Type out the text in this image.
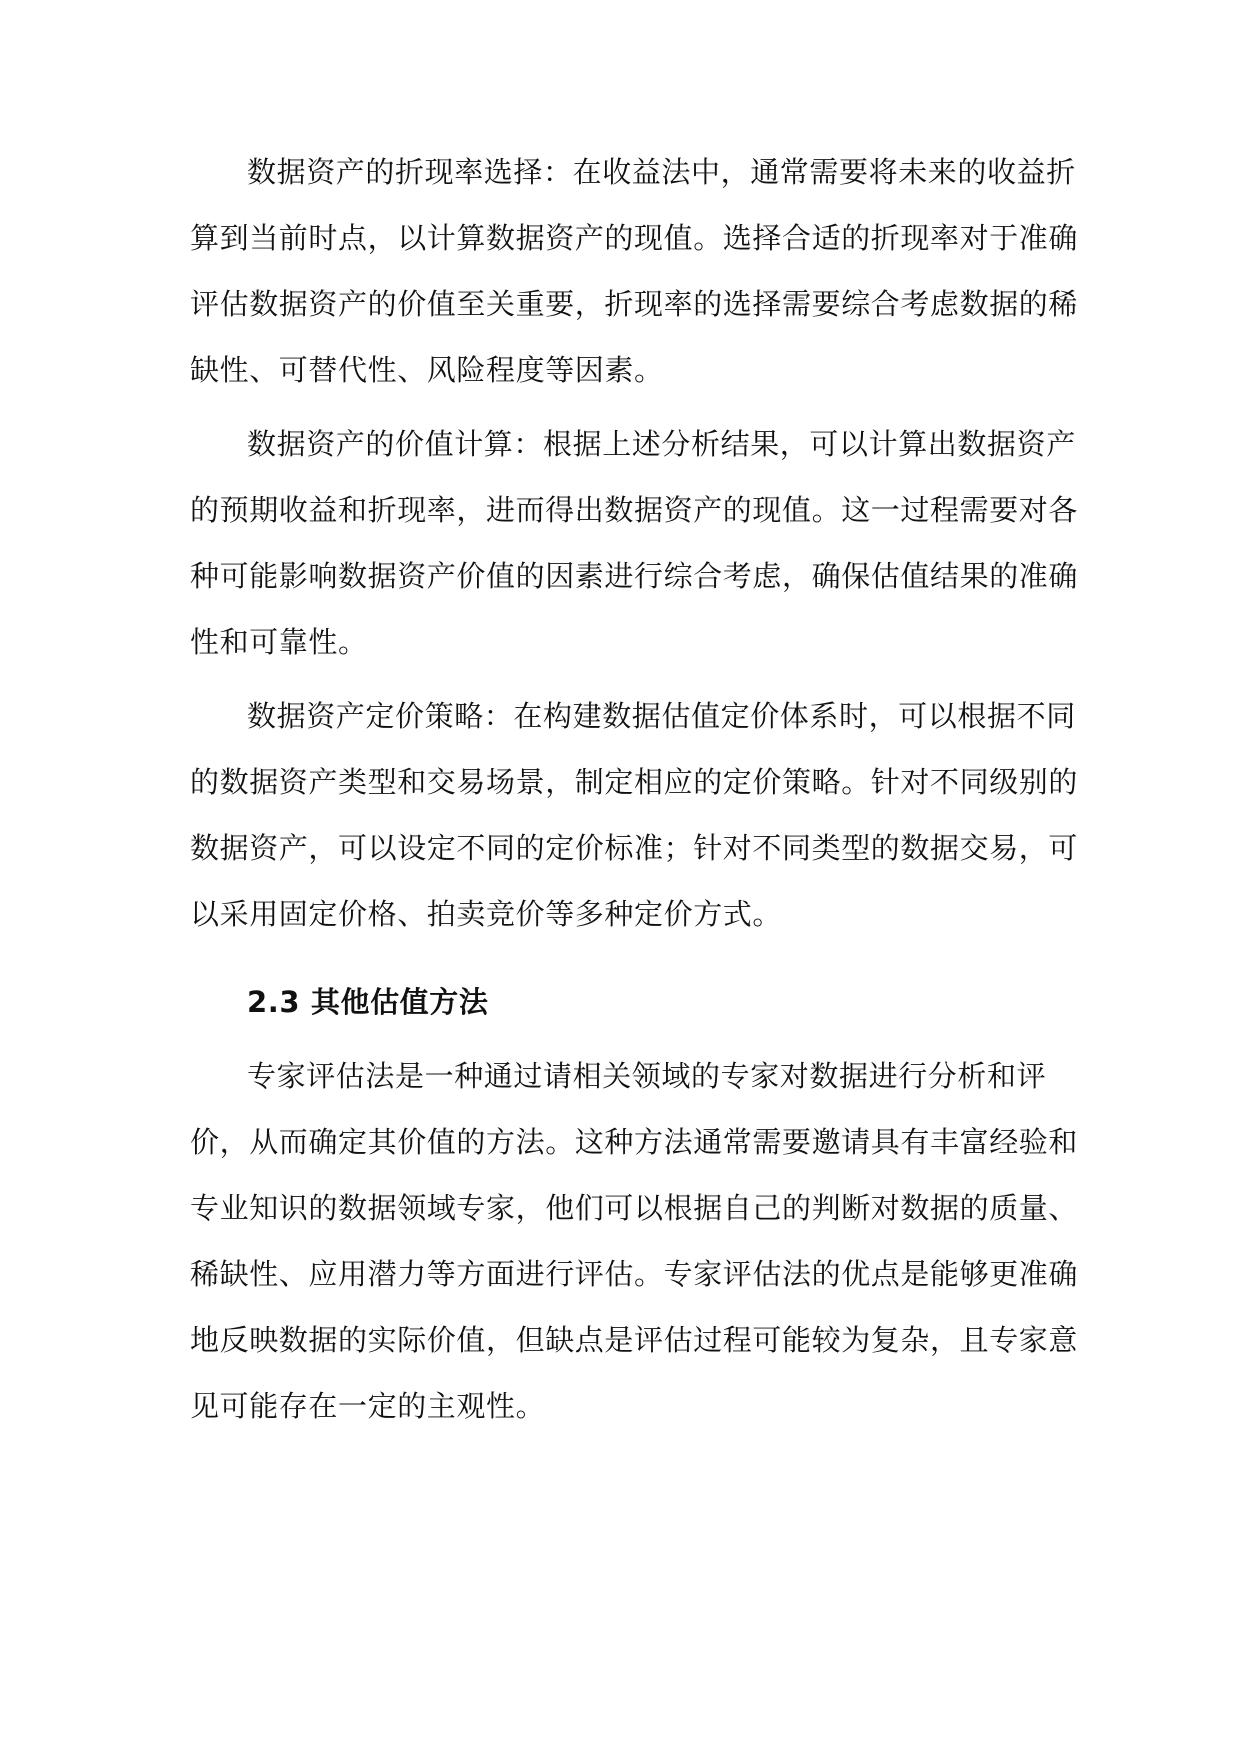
数据资产的折现率选择：在收益法中，通常需要将未来的收益折

算到当前时点，以计算数据资产的现值。选择合适的折现率对于准确

评估数据资产的价值至关重要，折现率的选择需要综合考虑数据的稀

缺性、可替代性、风险程度等因素。

数据资产的价值计算：根据上述分析结果，可以计算出数据资产

的预期收益和折现率，进而得出数据资产的现值。这一过程需要对各

种可能影响数据资产价值的因素进行综合考虑，确保估值结果的准确

性和可靠性。

数据资产定价策略：在构建数据估值定价体系时，可以根据不同

的数据资产类型和交易场景，制定相应的定价策略。针对不同级别的

数据资产，可以设定不同的定价标准；针对不同类型的数据交易，可

以采用固定价格、拍卖竞价等多种定价方式。

2.3 其他估值方法

专家评估法是一种通过请相关领域的专家对数据进行分析和评

价，从而确定其价值的方法。这种方法通常需要邀请具有丰富经验和

专业知识的数据领域专家，他们可以根据自己的判断对数据的质量、

稀缺性、应用潜力等方面进行评估。专家评估法的优点是能够更准确

地反映数据的实际价值，但缺点是评估过程可能较为复杂，且专家意

见可能存在一定的主观性。
